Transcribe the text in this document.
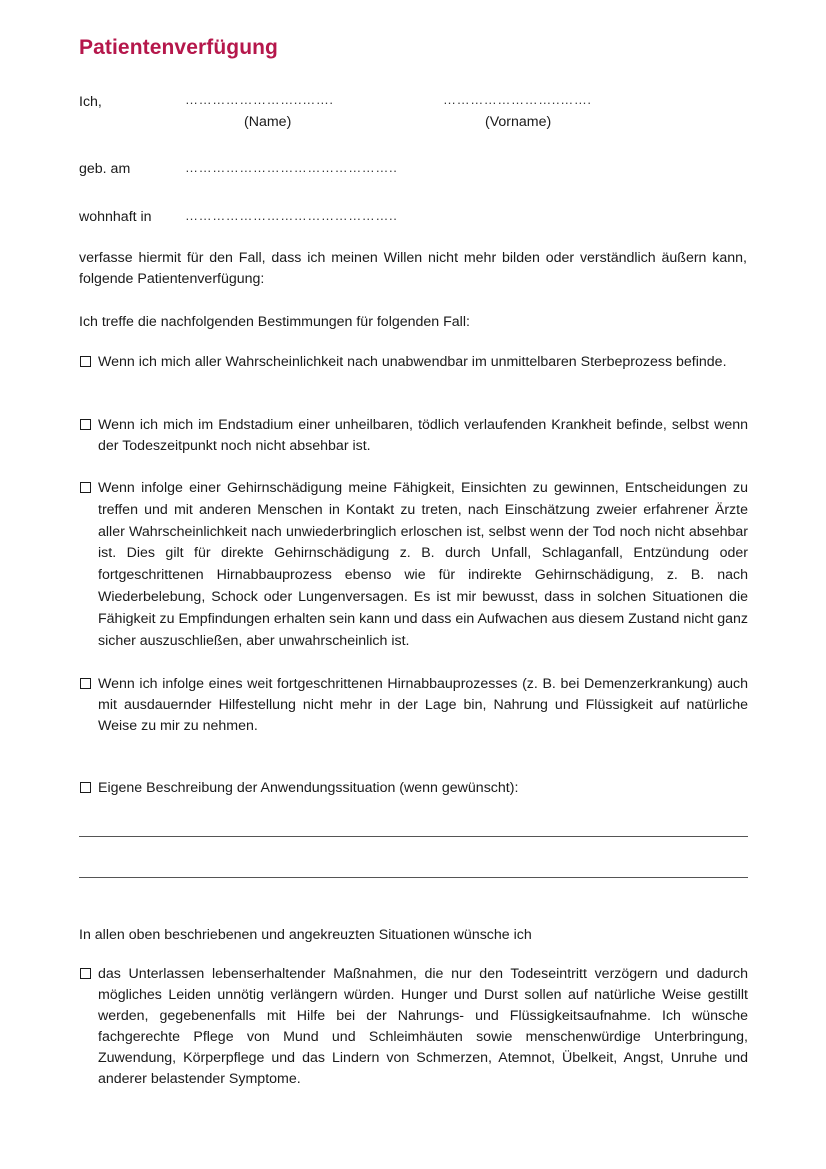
Patientenverfügung
Ich,	……………………..…….
(Name)
……………………..…….
(Vorname)
geb. am	………………………………………..
wohnhaft in	………………………………………..
verfasse hiermit für den Fall, dass ich meinen Willen nicht mehr bilden oder verständlich äußern kann, folgende Patientenverfügung:
Ich treffe die nachfolgenden Bestimmungen für folgenden Fall:
Wenn ich mich aller Wahrscheinlichkeit nach unabwendbar im unmittelbaren Sterbeprozess befinde.
Wenn ich mich im Endstadium einer unheilbaren, tödlich verlaufenden Krankheit befinde, selbst wenn der Todeszeitpunkt noch nicht absehbar ist.
Wenn infolge einer Gehirnschädigung meine Fähigkeit, Einsichten zu gewinnen, Entscheidungen zu treffen und mit anderen Menschen in Kontakt zu treten, nach Einschätzung zweier erfahrener Ärzte aller Wahrscheinlichkeit nach unwiederbringlich erloschen ist, selbst wenn der Tod noch nicht absehbar ist. Dies gilt für direkte Gehirnschädigung z. B. durch Unfall, Schlaganfall, Entzündung oder fortgeschrittenen Hirnabbauprozess ebenso wie für indirekte Gehirnschädigung, z. B. nach Wiederbelebung, Schock oder Lungenversagen. Es ist mir bewusst, dass in solchen Situationen die Fähigkeit zu Empfindungen erhalten sein kann und dass ein Aufwachen aus diesem Zustand nicht ganz sicher auszuschließen, aber unwahrscheinlich ist.
Wenn ich infolge eines weit fortgeschrittenen Hirnabbauprozesses (z. B. bei Demenzerkrankung) auch mit ausdauernder Hilfestellung nicht mehr in der Lage bin, Nahrung und Flüssigkeit auf natürliche Weise zu mir zu nehmen.
Eigene Beschreibung der Anwendungssituation (wenn gewünscht):
In allen oben beschriebenen und angekreuzten Situationen wünsche ich
das Unterlassen lebenserhaltender Maßnahmen, die nur den Todeseintritt verzögern und dadurch mögliches Leiden unnötig verlängern würden. Hunger und Durst sollen auf natürliche Weise gestillt werden, gegebenenfalls mit Hilfe bei der Nahrungs- und Flüssigkeitsaufnahme. Ich wünsche fachgerechte Pflege von Mund und Schleimhäuten sowie menschenwürdige Unterbringung, Zuwendung, Körperpflege und das Lindern von Schmerzen, Atemnot, Übelkeit, Angst, Unruhe und anderer belastender Symptome.
